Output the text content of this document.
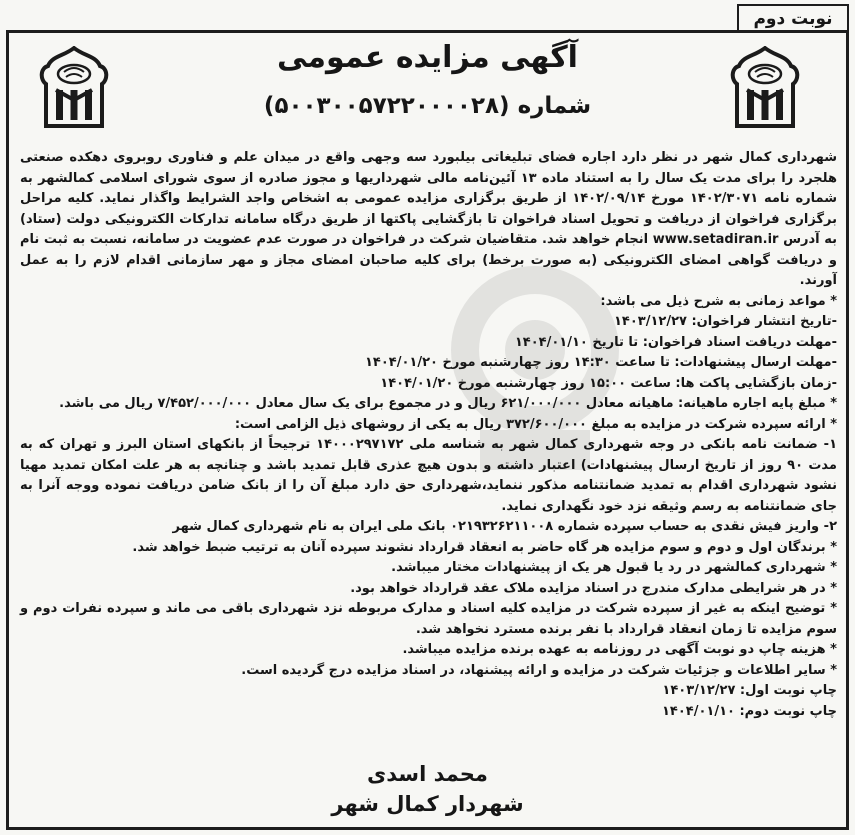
نوبت دوم
آگهی مزایده عمومی
شماره (۵۰۰۳۰۰۵۷۲۲۰۰۰۰۲۸)

شهرداری کمال شهر در نظر دارد اجاره فضای تبلیغاتی بیلبورد سه وجهی واقع در میدان علم و فناوری روبروی دهکده صنعتی هلجرد را برای مدت یک سال را به استناد ماده ۱۳ آئین‌نامه مالی شهرداریها و مجوز صادره از سوی شورای اسلامی کمالشهر به شماره نامه ۱۴۰۲/۳۰۷۱ مورخ ۱۴۰۲/۰۹/۱۴ از طریق برگزاری مزایده عمومی به اشخاص واجد الشرایط واگذار نماید. کلیه مراحل برگزاری فراخوان از دریافت و تحویل اسناد فراخوان تا بازگشایی پاکتها از طریق درگاه سامانه تدارکات الکترونیکی دولت (ستاد) به آدرس www.setadiran.ir انجام خواهد شد. متقاضیان شرکت در فراخوان در صورت عدم عضویت در سامانه، نسبت به ثبت نام و دریافت گواهی امضای الکترونیکی (به صورت برخط) برای کلیه صاحبان امضای مجاز و مهر سازمانی اقدام لازم را به عمل آورند.

* مواعد زمانی به شرح ذیل می باشد:

-تاریخ انتشار فراخوان: ۱۴۰۳/۱۲/۲۷

-مهلت دریافت اسناد فراخوان: تا تاریخ ۱۴۰۴/۰۱/۱۰

-مهلت ارسال پیشنهادات: تا ساعت ۱۴:۳۰ روز چهارشنبه مورخ ۱۴۰۴/۰۱/۲۰

-زمان بازگشایی پاکت ها: ساعت ۱۵:۰۰ روز چهارشنبه مورخ ۱۴۰۴/۰۱/۲۰

* مبلغ پایه اجاره ماهیانه: ماهیانه معادل ۶۲۱/۰۰۰/۰۰۰ ریال و در مجموع برای یک سال معادل ۷/۴۵۲/۰۰۰/۰۰۰ ریال می باشد.

* ارائه سپرده شرکت در مزایده به مبلغ ۳۷۲/۶۰۰/۰۰۰ ریال به یکی از روشهای ذیل الزامی است:

۱- ضمانت نامه بانکی در وجه شهرداری کمال شهر به شناسه ملی ۱۴۰۰۰۲۹۷۱۷۲ ترجیحاً از بانکهای استان البرز و تهران که به مدت ۹۰ روز از تاریخ ارسال پیشنهادات) اعتبار داشته و بدون هیچ عذری قابل تمدید باشد و چنانچه به هر علت امکان تمدید مهیا نشود شهرداری اقدام به تمدید ضمانتنامه مذکور ننماید،شهرداری حق دارد مبلغ آن را از بانک ضامن دریافت نموده ووجه آنرا به جای ضمانتنامه به رسم وثیقه نزد خود نگهداری نماید.

۲- واریز فیش نقدی به حساب سپرده شماره ۰۲۱۹۳۲۶۲۱۱۰۰۸ بانک ملی ایران به نام شهرداری کمال شهر

* برندگان اول و دوم و سوم مزایده هر گاه حاضر به انعقاد قرارداد نشوند سپرده آنان به ترتیب ضبط خواهد شد.

* شهرداری کمالشهر در رد یا قبول هر یک از پیشنهادات مختار میباشد.

* در هر شرایطی مدارک مندرج در اسناد مزایده ملاک عقد قرارداد خواهد بود.

* توضیح اینکه به غیر از سپرده شرکت در مزایده کلیه اسناد و مدارک مربوطه نزد شهرداری باقی می ماند و سپرده نفرات دوم و سوم مزایده تا زمان انعقاد قرارداد با نفر برنده مسترد نخواهد شد.

* هزینه چاپ دو نوبت آگهی در روزنامه به عهده برنده مزایده میباشد.

* سایر اطلاعات و جزئیات شرکت در مزایده و ارائه پیشنهاد، در اسناد مزایده درج گردیده است.

چاپ نوبت اول: ۱۴۰۳/۱۲/۲۷

چاپ نوبت دوم: ۱۴۰۴/۰۱/۱۰

محمد اسدی
شهردار کمال شهر
